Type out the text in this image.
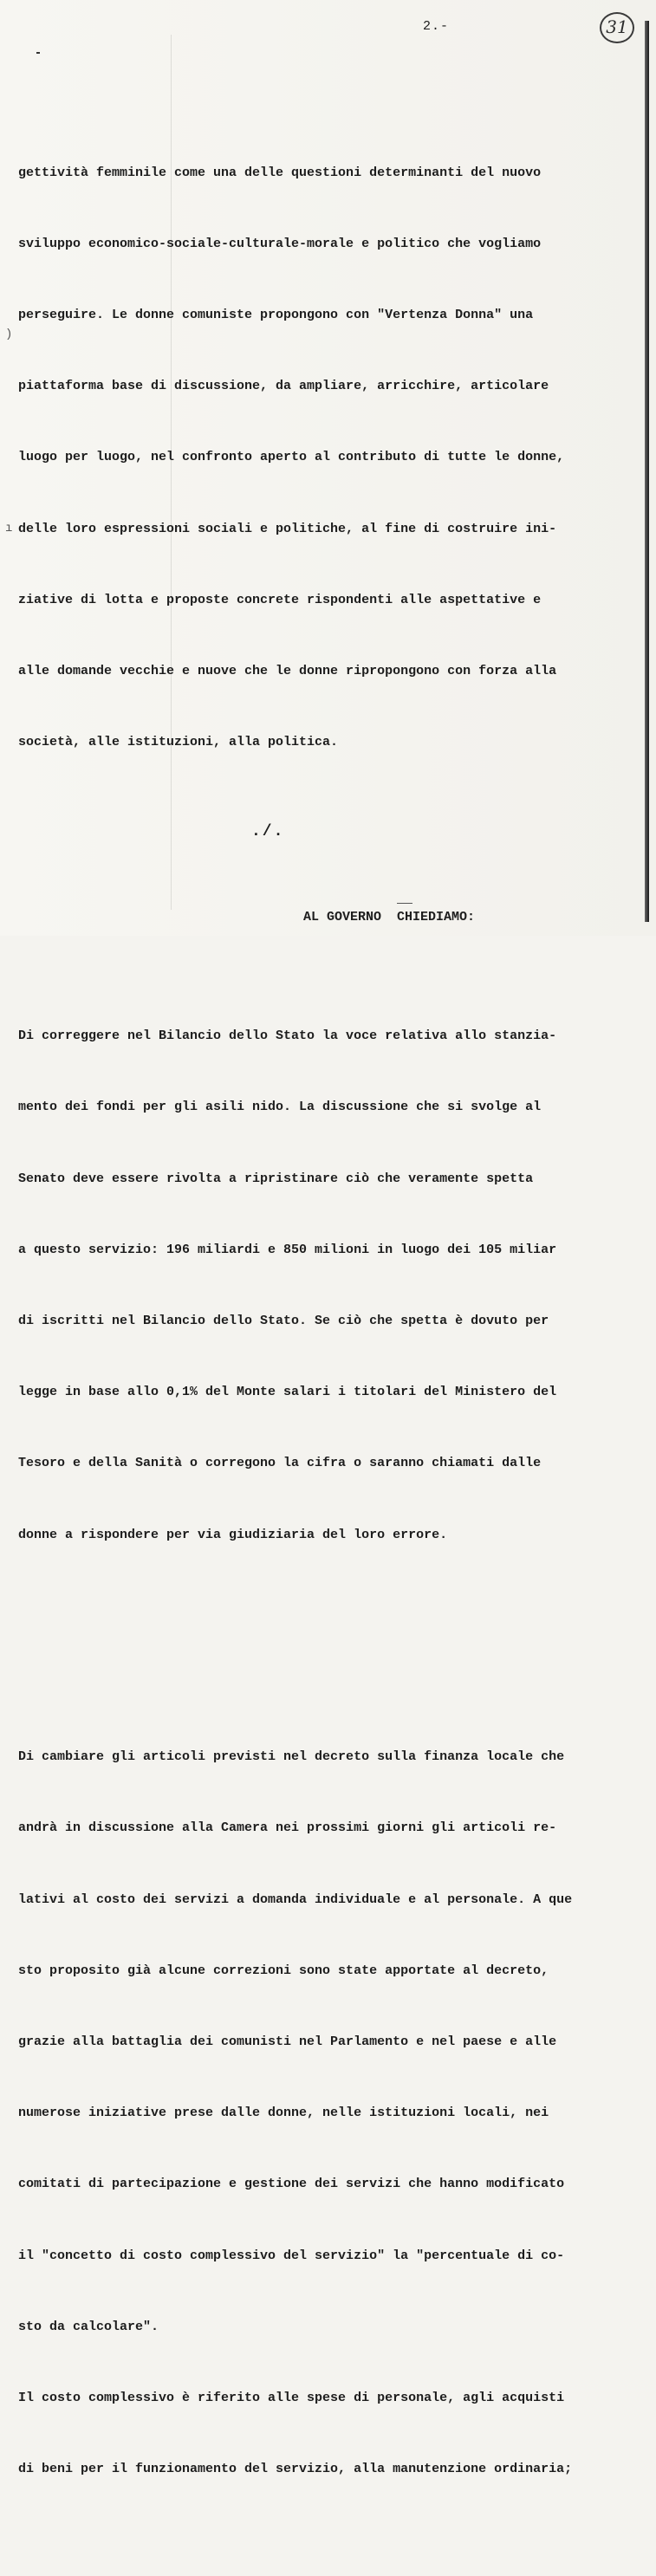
2.-	31
)
ı

gettività femminile come una delle questioni determinanti del nuovo

sviluppo economico-sociale-culturale-morale e politico che vogliamo

perseguire. Le donne comuniste propongono con "Vertenza Donna" una

piattaforma base di discussione, da ampliare, arricchire, articolare

luogo per luogo, nel confronto aperto al contributo di tutte le donne,

delle loro espressioni sociali e politiche, al fine di costruire ini-

ziative di lotta e proposte concrete rispondenti alle aspettative e

alle domande vecchie e nuove che le donne ripropongono con forza alla

società, alle istituzioni, alla politica.

AL GOVERNO  CHIEDIAMO:

Di correggere nel Bilancio dello Stato la voce relativa allo stanzia-

mento dei fondi per gli asili nido. La discussione che si svolge al

Senato deve essere rivolta a ripristinare ciò che veramente spetta

a questo servizio: 196 miliardi e 850 milioni in luogo dei 105 miliar

di iscritti nel Bilancio dello Stato. Se ciò che spetta è dovuto per

legge in base allo 0,1% del Monte salari i titolari del Ministero del

Tesoro e della Sanità o corregono la cifra o saranno chiamati dalle

donne a rispondere per via giudiziaria del loro errore.

Di cambiare gli articoli previsti nel decreto sulla finanza locale che

andrà in discussione alla Camera nei prossimi giorni gli articoli re-

lativi al costo dei servizi a domanda individuale e al personale. A que

sto proposito già alcune correzioni sono state apportate al decreto,

grazie alla battaglia dei comunisti nel Parlamento e nel paese e alle

numerose iniziative prese dalle donne, nelle istituzioni locali, nei

comitati di partecipazione e gestione dei servizi che hanno modificato

il "concetto di costo complessivo del servizio" la "percentuale di co-

sto da calcolare".

Il costo complessivo è riferito alle spese di personale, agli acquisti

di beni per il funzionamento del servizio, alla manutenzione ordinaria;

./.
